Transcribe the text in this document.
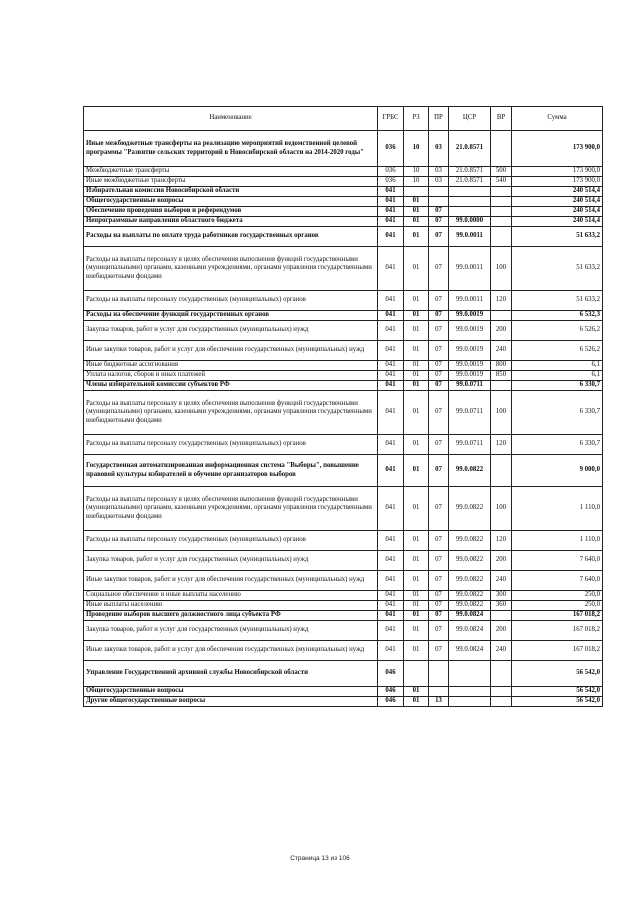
Наименование	ГРБС	РЗ	ПР	ЦСР	ВР	Сумма
Иные межбюджетные трансферты на реализацию мероприятий ведомственной целевой программы "Развитие сельских территорий в Новосибирской области на 2014-2020 годы"	036	10	03	21.0.8571		173 900,0
Межбюджетные трансферты	036	10	03	21.0.8571	500	173 900,0
Иные межбюджетные трансферты	036	10	03	21.0.8571	540	173 900,0
Избирательная комиссия Новосибирской области	041					240 514,4
Общегосударственные вопросы	041	01				240 514,4
Обеспечение проведения выборов и референдумов	041	01	07			240 514,4
Непрограммные направления областного бюджета	041	01	07	99.0.0000		240 514,4
Расходы на выплаты по оплате труда работников государственных органов	041	01	07	99.0.0011		51 633,2
Расходы на выплаты персоналу в целях обеспечения выполнения функций государственными (муниципальными) органами, казенными учреждениями, органами управления государственными внебюджетными фондами	041	01	07	99.0.0011	100	51 633,2
Расходы на выплаты персоналу государственных (муниципальных) органов	041	01	07	99.0.0011	120	51 633,2
Расходы на обеспечение функций государственных органов	041	01	07	99.0.0019		6 532,3
Закупка товаров, работ и услуг для государственных (муниципальных) нужд	041	01	07	99.0.0019	200	6 526,2
Иные закупки товаров, работ и услуг для обеспечения государственных (муниципальных) нужд	041	01	07	99.0.0019	240	6 526,2
Иные бюджетные ассигнования	041	01	07	99.0.0019	800	6,1
Уплата налогов, сборов и иных платежей	041	01	07	99.0.0019	850	6,1
Члены избирательной комиссии субъектов РФ	041	01	07	99.0.0711		6 330,7
Расходы на выплаты персоналу в целях обеспечения выполнения функций государственными (муниципальными) органами, казенными учреждениями, органами управления государственными внебюджетными фондами	041	01	07	99.0.0711	100	6 330,7
Расходы на выплаты персоналу государственных (муниципальных) органов	041	01	07	99.0.0711	120	6 330,7
Государственная автоматизированная информационная система "Выборы", повышение правовой культуры избирателей и обучение организаторов выборов	041	01	07	99.0.0822		9 000,0
Расходы на выплаты персоналу в целях обеспечения выполнения функций государственными (муниципальными) органами, казенными учреждениями, органами управления государственными внебюджетными фондами	041	01	07	99.0.0822	100	1 110,0
Расходы на выплаты персоналу государственных (муниципальных) органов	041	01	07	99.0.0822	120	1 110,0
Закупка товаров, работ и услуг для государственных (муниципальных) нужд	041	01	07	99.0.0822	200	7 640,0
Иные закупки товаров, работ и услуг для обеспечения государственных (муниципальных) нужд	041	01	07	99.0.0822	240	7 640,0
Социальное обеспечение и иные выплаты населению	041	01	07	99.0.0822	300	250,0
Иные выплаты населению	041	01	07	99.0.0822	360	250,0
Проведение выборов высшего должностного лица субъекта РФ	041	01	07	99.0.0824		167 018,2
Закупка товаров, работ и услуг для государственных (муниципальных) нужд	041	01	07	99.0.0824	200	167 018,2
Иные закупки товаров, работ и услуг для обеспечения государственных (муниципальных) нужд	041	01	07	99.0.0824	240	167 018,2
Управление Государственной архивной службы Новосибирской области	046					56 542,0
Общегосударственные вопросы	046	01				56 542,0
Другие общегосударственные вопросы	046	01	13			56 542,0
Страница 13 из 106
